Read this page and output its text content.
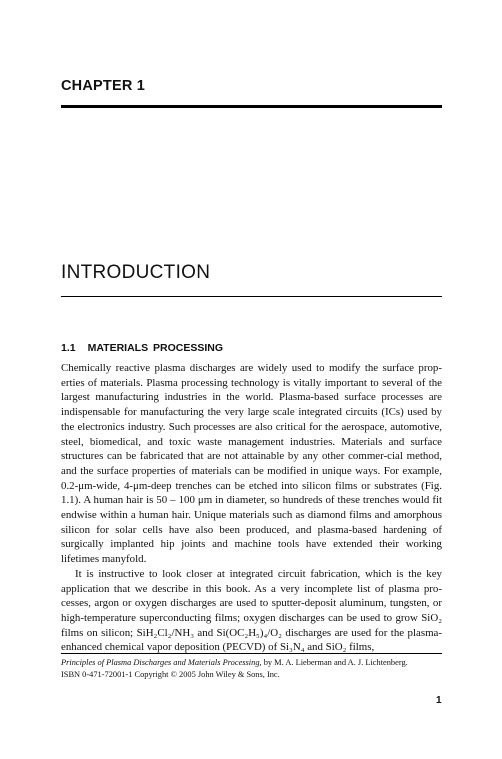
CHAPTER 1
INTRODUCTION
1.1 MATERIALS PROCESSING

Chemically reactive plasma discharges are widely used to modify the surface prop-erties of materials. Plasma processing technology is vitally important to several of the largest manufacturing industries in the world. Plasma-based surface processes are indispensable for manufacturing the very large scale integrated circuits (ICs) used by the electronics industry. Such processes are also critical for the aerospace, automotive, steel, biomedical, and toxic waste management industries. Materials and surface structures can be fabricated that are not attainable by any other commer-cial method, and the surface properties of materials can be modified in unique ways. For example, 0.2-μm-wide, 4-μm-deep trenches can be etched into silicon films or substrates (Fig. 1.1). A human hair is 50 – 100 μm in diameter, so hundreds of these trenches would fit endwise within a human hair. Unique materials such as diamond films and amorphous silicon for solar cells have also been produced, and plasma-based hardening of surgically implanted hip joints and machine tools have extended their working lifetimes manyfold.

It is instructive to look closer at integrated circuit fabrication, which is the key application that we describe in this book. As a very incomplete list of plasma pro-cesses, argon or oxygen discharges are used to sputter-deposit aluminum, tungsten, or high-temperature superconducting films; oxygen discharges can be used to grow SiO₂ films on silicon; SiH₂Cl₂/NH₃ and Si(OC₂H₅)₄/O₂ discharges are used for the plasma-enhanced chemical vapor deposition (PECVD) of Si₃N₄ and SiO₂ films,

Principles of Plasma Discharges and Materials Processing, by M. A. Lieberman and A. J. Lichtenberg.
ISBN 0-471-72001-1 Copyright © 2005 John Wiley & Sons, Inc.
1
